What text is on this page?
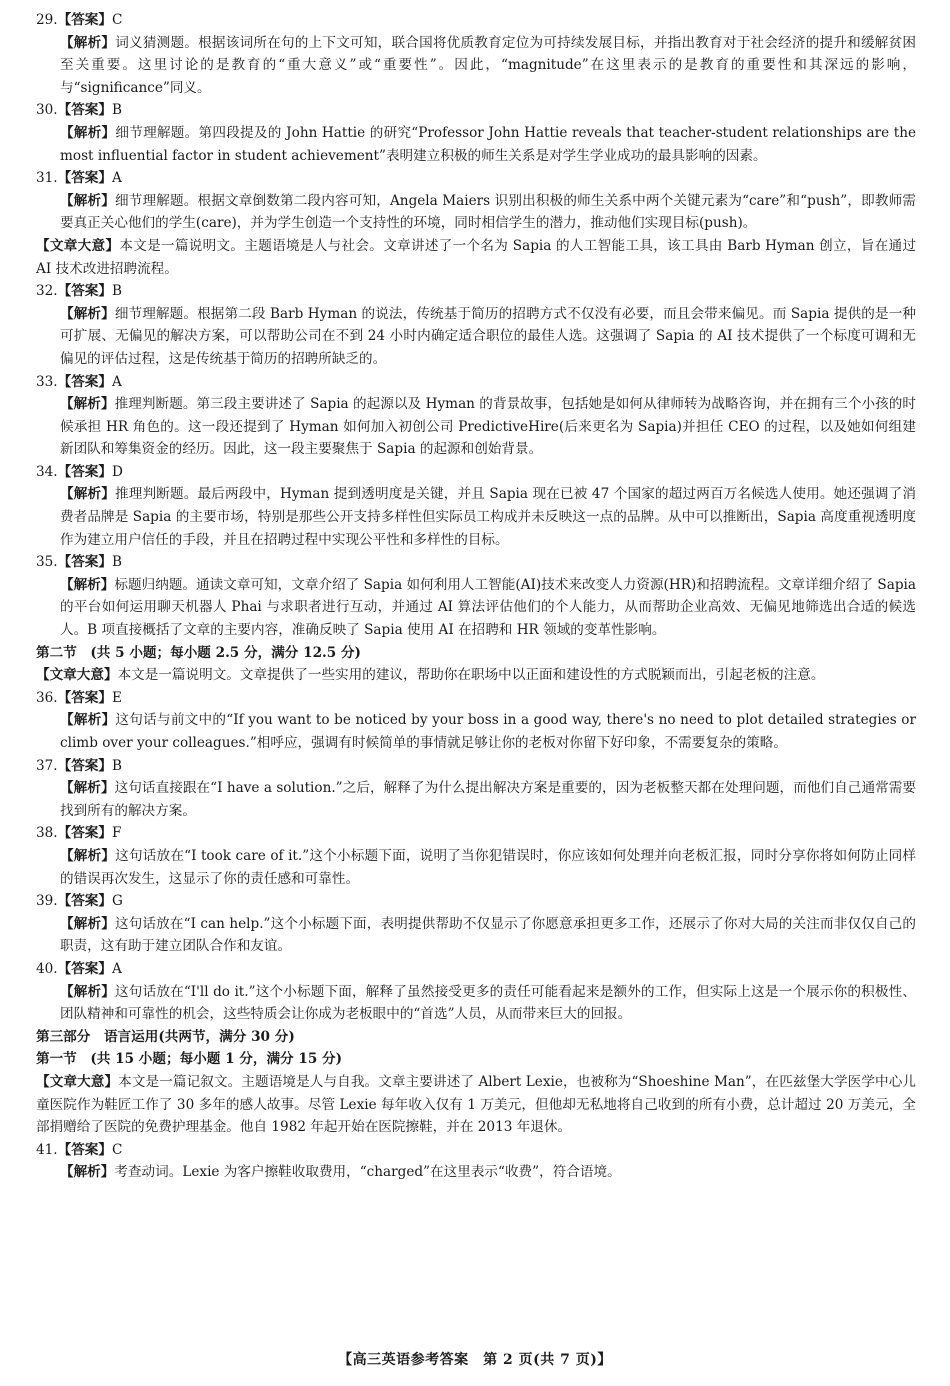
29.【答案】C

【解析】词义猜测题。根据该词所在句的上下文可知，联合国将优质教育定位为可持续发展目标，并指出教育对于社会经济的提升和缓解贫困至关重要。这里讨论的是教育的“重大意义”或“重要性”。因此，“magnitude”在这里表示的是教育的重要性和其深远的影响，与“significance”同义。

30.【答案】B

【解析】细节理解题。第四段提及的 John Hattie 的研究“Professor John Hattie reveals that teacher-student relationships are the most influential factor in student achievement”表明建立积极的师生关系是对学生学业成功的最具影响的因素。

31.【答案】A

【解析】细节理解题。根据文章倒数第二段内容可知，Angela Maiers 识别出积极的师生关系中两个关键元素为“care”和“push”，即教师需要真正关心他们的学生(care)，并为学生创造一个支持性的环境，同时相信学生的潜力，推动他们实现目标(push)。

【文章大意】本文是一篇说明文。主题语境是人与社会。文章讲述了一个名为 Sapia 的人工智能工具，该工具由 Barb Hyman 创立，旨在通过 AI 技术改进招聘流程。

32.【答案】B

【解析】细节理解题。根据第二段 Barb Hyman 的说法，传统基于简历的招聘方式不仅没有必要，而且会带来偏见。而 Sapia 提供的是一种可扩展、无偏见的解决方案，可以帮助公司在不到 24 小时内确定适合职位的最佳人选。这强调了 Sapia 的 AI 技术提供了一个标度可调和无偏见的评估过程，这是传统基于简历的招聘所缺乏的。

33.【答案】A

【解析】推理判断题。第三段主要讲述了 Sapia 的起源以及 Hyman 的背景故事，包括她是如何从律师转为战略咨询，并在拥有三个小孩的时候承担 HR 角色的。这一段还提到了 Hyman 如何加入初创公司 PredictiveHire(后来更名为 Sapia)并担任 CEO 的过程，以及她如何组建新团队和筹集资金的经历。因此，这一段主要聚焦于 Sapia 的起源和创始背景。

34.【答案】D

【解析】推理判断题。最后两段中，Hyman 提到透明度是关键，并且 Sapia 现在已被 47 个国家的超过两百万名候选人使用。她还强调了消费者品牌是 Sapia 的主要市场，特别是那些公开支持多样性但实际员工构成并未反映这一点的品牌。从中可以推断出，Sapia 高度重视透明度作为建立用户信任的手段，并且在招聘过程中实现公平性和多样性的目标。

35.【答案】B

【解析】标题归纳题。通读文章可知，文章介绍了 Sapia 如何利用人工智能(AI)技术来改变人力资源(HR)和招聘流程。文章详细介绍了 Sapia 的平台如何运用聊天机器人 Phai 与求职者进行互动，并通过 AI 算法评估他们的个人能力，从而帮助企业高效、无偏见地筛选出合适的候选人。B 项直接概括了文章的主要内容，准确反映了 Sapia 使用 AI 在招聘和 HR 领域的变革性影响。

第二节　(共 5 小题；每小题 2.5 分，满分 12.5 分)

【文章大意】本文是一篇说明文。文章提供了一些实用的建议，帮助你在职场中以正面和建设性的方式脱颖而出，引起老板的注意。

36.【答案】E

【解析】这句话与前文中的“If you want to be noticed by your boss in a good way, there's no need to plot detailed strategies or climb over your colleagues.”相呼应，强调有时候简单的事情就足够让你的老板对你留下好印象，不需要复杂的策略。

37.【答案】B

【解析】这句话直接跟在“I have a solution.”之后，解释了为什么提出解决方案是重要的，因为老板整天都在处理问题，而他们自己通常需要找到所有的解决方案。

38.【答案】F

【解析】这句话放在“I took care of it.”这个小标题下面，说明了当你犯错误时，你应该如何处理并向老板汇报，同时分享你将如何防止同样的错误再次发生，这显示了你的责任感和可靠性。

39.【答案】G

【解析】这句话放在“I can help.”这个小标题下面，表明提供帮助不仅显示了你愿意承担更多工作，还展示了你对大局的关注而非仅仅自己的职责，这有助于建立团队合作和友谊。

40.【答案】A

【解析】这句话放在“I'll do it.”这个小标题下面，解释了虽然接受更多的责任可能看起来是额外的工作，但实际上这是一个展示你的积极性、团队精神和可靠性的机会，这些特质会让你成为老板眼中的“首选”人员，从而带来巨大的回报。

第三部分　语言运用(共两节，满分 30 分)

第一节　(共 15 小题；每小题 1 分，满分 15 分)

【文章大意】本文是一篇记叙文。主题语境是人与自我。文章主要讲述了 Albert Lexie，也被称为“Shoeshine Man”，在匹兹堡大学医学中心儿童医院作为鞋匠工作了 30 多年的感人故事。尽管 Lexie 每年收入仅有 1 万美元，但他却无私地将自己收到的所有小费，总计超过 20 万美元，全部捐赠给了医院的免费护理基金。他自 1982 年起开始在医院擦鞋，并在 2013 年退休。

41.【答案】C

【解析】考查动词。Lexie 为客户擦鞋收取费用，“charged”在这里表示“收费”，符合语境。

【高三英语参考答案　第 2 页(共 7 页)】
